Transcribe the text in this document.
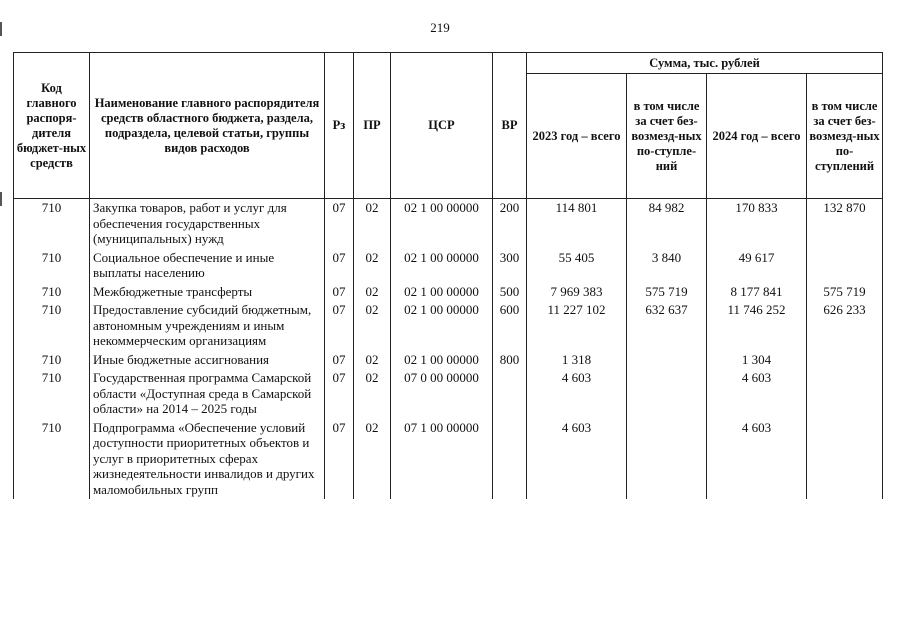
219
Код главного распоря-дителя бюджет-ных средств	Наименование главного распорядителя средств областного бюджета, раздела, подраздела, целевой статьи, группы видов расходов	Рз	ПР	ЦСР	ВР	Сумма, тыс. рублей			
						2023 год – всего	в том числе за счет без-возмезд-ных по-ступле-ний	2024 год – всего	в том числе за счет без-возмезд-ных по-ступлений
710	Закупка товаров, работ и услуг для обеспечения государственных (муниципальных) нужд	07	02	02 1 00 00000	200	114 801	84 982	170 833	132 870
710	Социальное обеспечение и иные выплаты населению	07	02	02 1 00 00000	300	55 405	3 840	49 617	
710	Межбюджетные трансферты	07	02	02 1 00 00000	500	7 969 383	575 719	8 177 841	575 719
710	Предоставление субсидий бюджетным, автономным учреждениям и иным некоммерческим организациям	07	02	02 1 00 00000	600	11 227 102	632 637	11 746 252	626 233
710	Иные бюджетные ассигнования	07	02	02 1 00 00000	800	1 318		1 304	
710	Государственная программа Самарской области «Доступная среда в Самарской области» на 2014 – 2025 годы	07	02	07 0 00 00000		4 603		4 603	
710	Подпрограмма «Обеспечение условий доступности приоритетных объектов и услуг в приоритетных сферах жизнедеятельности инвалидов и других маломобильных групп	07	02	07 1 00 00000		4 603		4 603	
